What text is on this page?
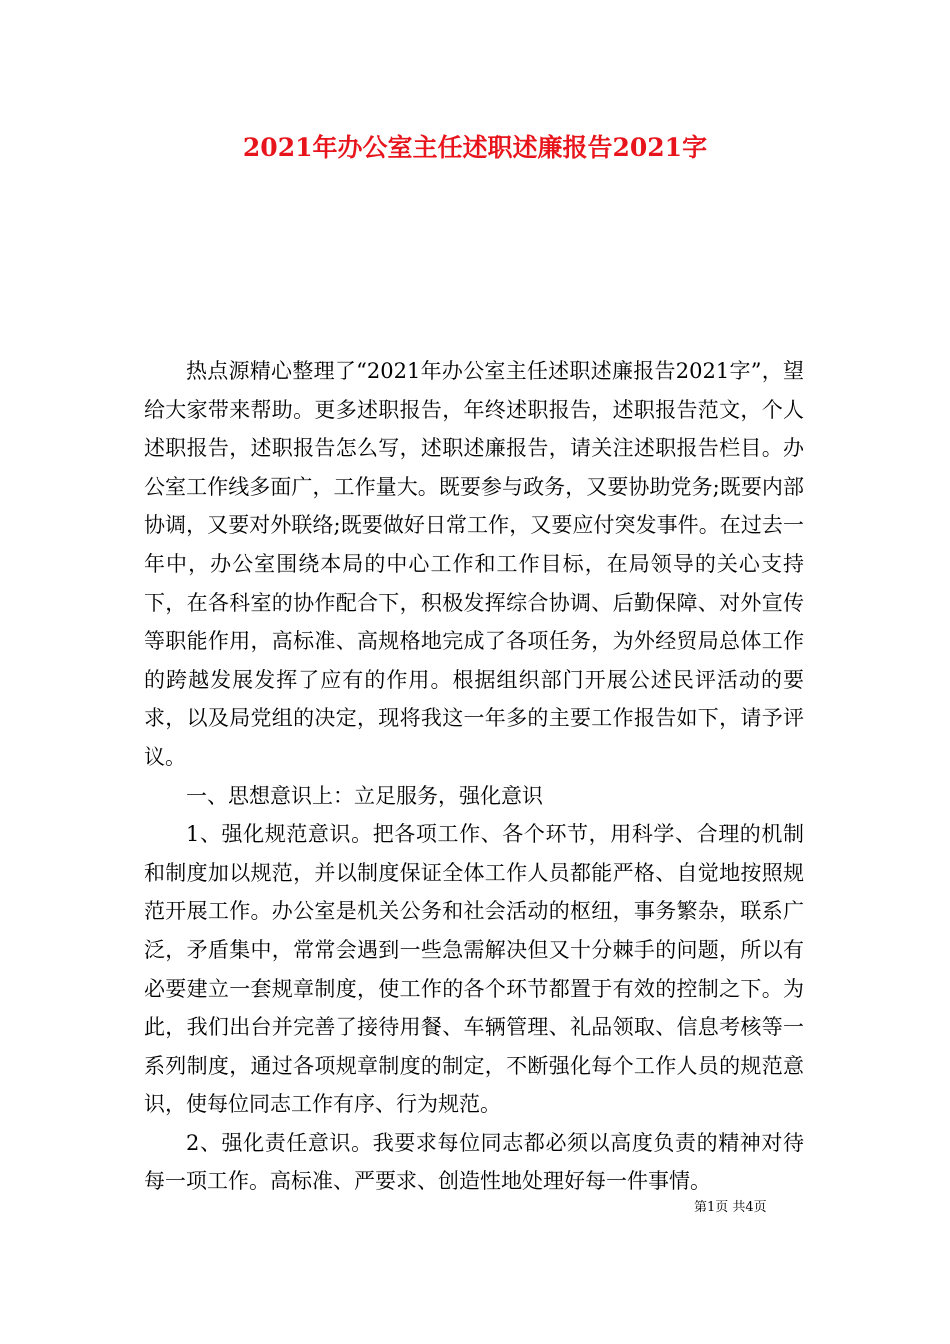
2021年办公室主任述职述廉报告2021字

热点源精心整理了“2021年办公室主任述职述廉报告2021字”，望给大家带来帮助。更多述职报告，年终述职报告，述职报告范文，个人述职报告，述职报告怎么写，述职述廉报告，请关注述职报告栏目。办公室工作线多面广，工作量大。既要参与政务，又要协助党务;既要内部协调，又要对外联络;既要做好日常工作，又要应付突发事件。在过去一年中，办公室围绕本局的中心工作和工作目标，在局领导的关心支持下，在各科室的协作配合下，积极发挥综合协调、后勤保障、对外宣传等职能作用，高标准、高规格地完成了各项任务，为外经贸局总体工作的跨越发展发挥了应有的作用。根据组织部门开展公述民评活动的要求，以及局党组的决定，现将我这一年多的主要工作报告如下，请予评议。

一、思想意识上：立足服务，强化意识

1、强化规范意识。把各项工作、各个环节，用科学、合理的机制和制度加以规范，并以制度保证全体工作人员都能严格、自觉地按照规范开展工作。办公室是机关公务和社会活动的枢纽，事务繁杂，联系广泛，矛盾集中，常常会遇到一些急需解决但又十分棘手的问题，所以有必要建立一套规章制度，使工作的各个环节都置于有效的控制之下。为此，我们出台并完善了接待用餐、车辆管理、礼品领取、信息考核等一系列制度，通过各项规章制度的制定，不断强化每个工作人员的规范意识，使每位同志工作有序、行为规范。

2、强化责任意识。我要求每位同志都必须以高度负责的精神对待每一项工作。高标准、严要求、创造性地处理好每一件事情。

第1页 共4页
